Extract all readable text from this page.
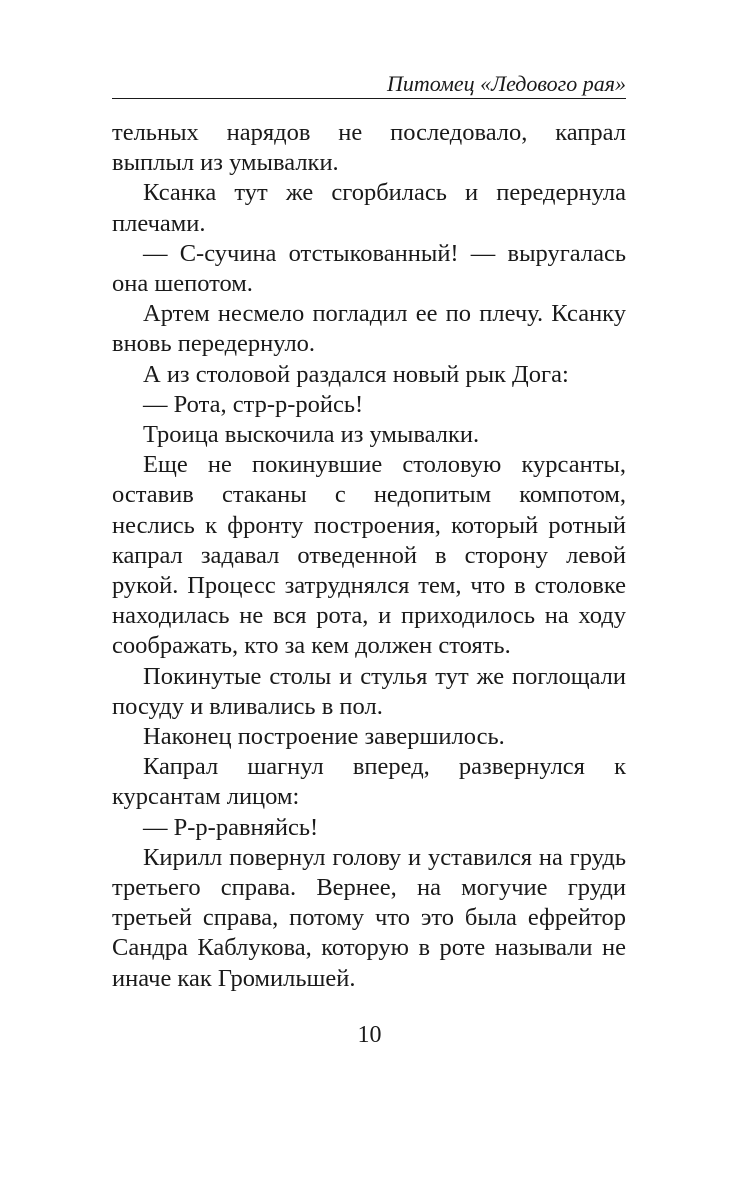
Питомец «Ледового рая»

тельных нарядов не последовало, капрал выплыл из умывалки.

Ксанка тут же сгорбилась и передернула плечами.

— С-сучина отстыкованный! — выругалась она шепотом.

Артем несмело погладил ее по плечу. Ксанку вновь передернуло.

А из столовой раздался новый рык Дога:

— Рота, стр-р-ройсь!

Троица выскочила из умывалки.

Еще не покинувшие столовую курсанты, оставив стаканы с недопитым компотом, неслись к фронту построения, который ротный капрал задавал отведенной в сторону левой рукой. Процесс затруднялся тем, что в столовке находилась не вся рота, и приходилось на ходу соображать, кто за кем должен стоять.

Покинутые столы и стулья тут же поглощали посуду и вливались в пол.

Наконец построение завершилось.

Капрал шагнул вперед, развернулся к курсантам лицом:

— Р-р-равняйсь!

Кирилл повернул голову и уставился на грудь третьего справа. Вернее, на могучие груди третьей справа, потому что это была ефрейтор Сандра Каблукова, которую в роте называли не иначе как Громильшей.

10
